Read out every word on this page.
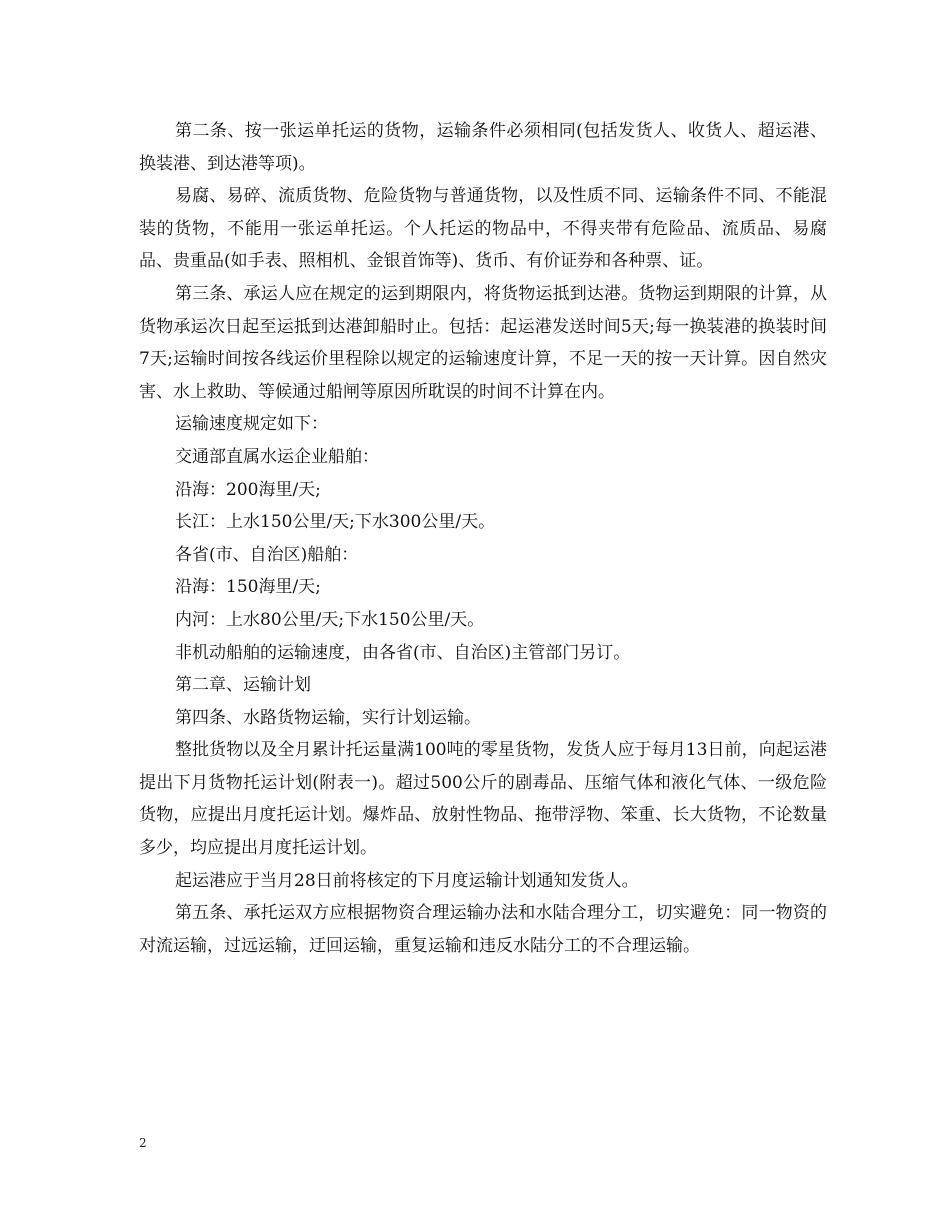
第二条、按一张运单托运的货物，运输条件必须相同(包括发货人、收货人、超运港、换装港、到达港等项)。

易腐、易碎、流质货物、危险货物与普通货物，以及性质不同、运输条件不同、不能混装的货物，不能用一张运单托运。个人托运的物品中，不得夹带有危险品、流质品、易腐品、贵重品(如手表、照相机、金银首饰等)、货币、有价证券和各种票、证。

第三条、承运人应在规定的运到期限内，将货物运抵到达港。货物运到期限的计算，从货物承运次日起至运抵到达港卸船时止。包括：起运港发送时间5天;每一换装港的换装时间7天;运输时间按各线运价里程除以规定的运输速度计算，不足一天的按一天计算。因自然灾害、水上救助、等候通过船闸等原因所耽误的时间不计算在内。

运输速度规定如下：

交通部直属水运企业船舶：

沿海：200海里/天;

长江：上水150公里/天;下水300公里/天。

各省(市、自治区)船舶：

沿海：150海里/天;

内河：上水80公里/天;下水150公里/天。

非机动船舶的运输速度，由各省(市、自治区)主管部门另订。

第二章、运输计划

第四条、水路货物运输，实行计划运输。

整批货物以及全月累计托运量满100吨的零星货物，发货人应于每月13日前，向起运港提出下月货物托运计划(附表一)。超过500公斤的剧毒品、压缩气体和液化气体、一级危险货物，应提出月度托运计划。爆炸品、放射性物品、拖带浮物、笨重、长大货物，不论数量多少，均应提出月度托运计划。

起运港应于当月28日前将核定的下月度运输计划通知发货人。

第五条、承托运双方应根据物资合理运输办法和水陆合理分工，切实避免：同一物资的对流运输，过远运输，迂回运输，重复运输和违反水陆分工的不合理运输。

2
